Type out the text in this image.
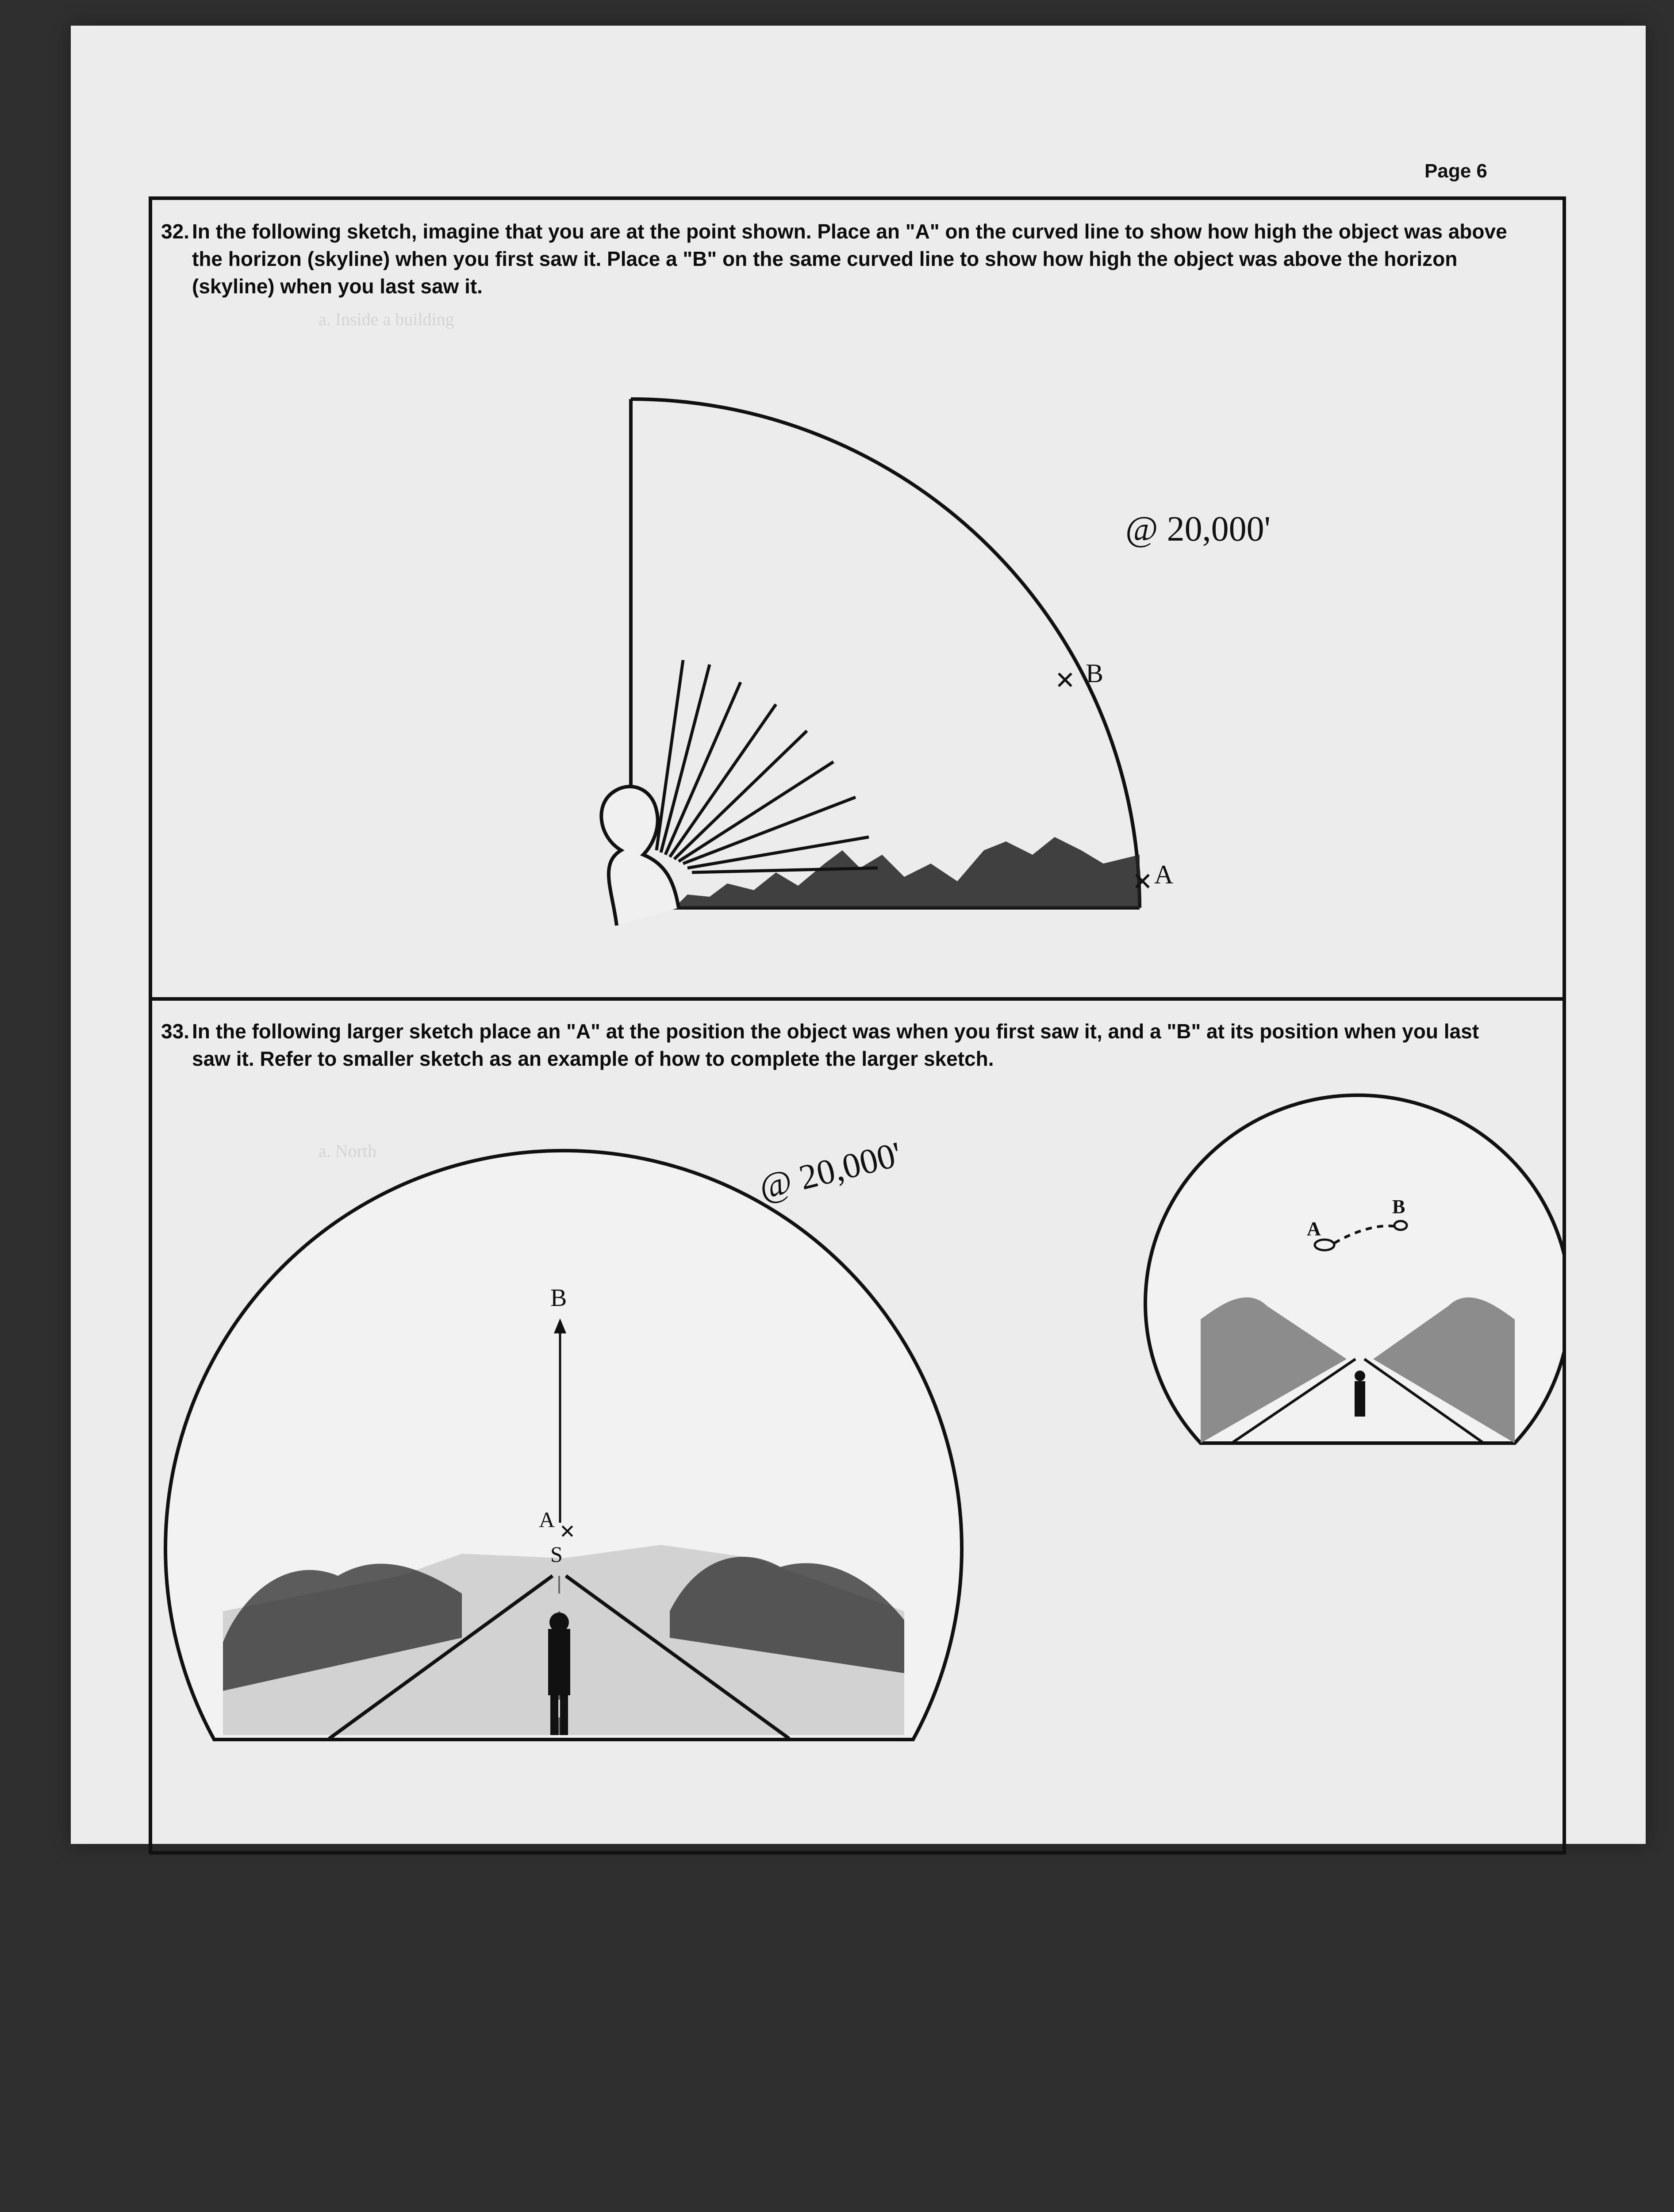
a. Inside a building
a. North
Page 6
32. In the following sketch, imagine that you are at the point shown. Place an "A" on the curved line to show how high the object was above the horizon (skyline) when you first saw it. Place a "B" on the same curved line to show how high the object was above the horizon (skyline) when you last saw it.
✕ A
✕ B
@ 20,000'
33. In the following larger sketch place an "A" at the position the object was when you first saw it, and a "B" at its position when you last saw it. Refer to smaller sketch as an example of how to complete the larger sketch.
B
A ✕
S
@ 20,000'
A
B
